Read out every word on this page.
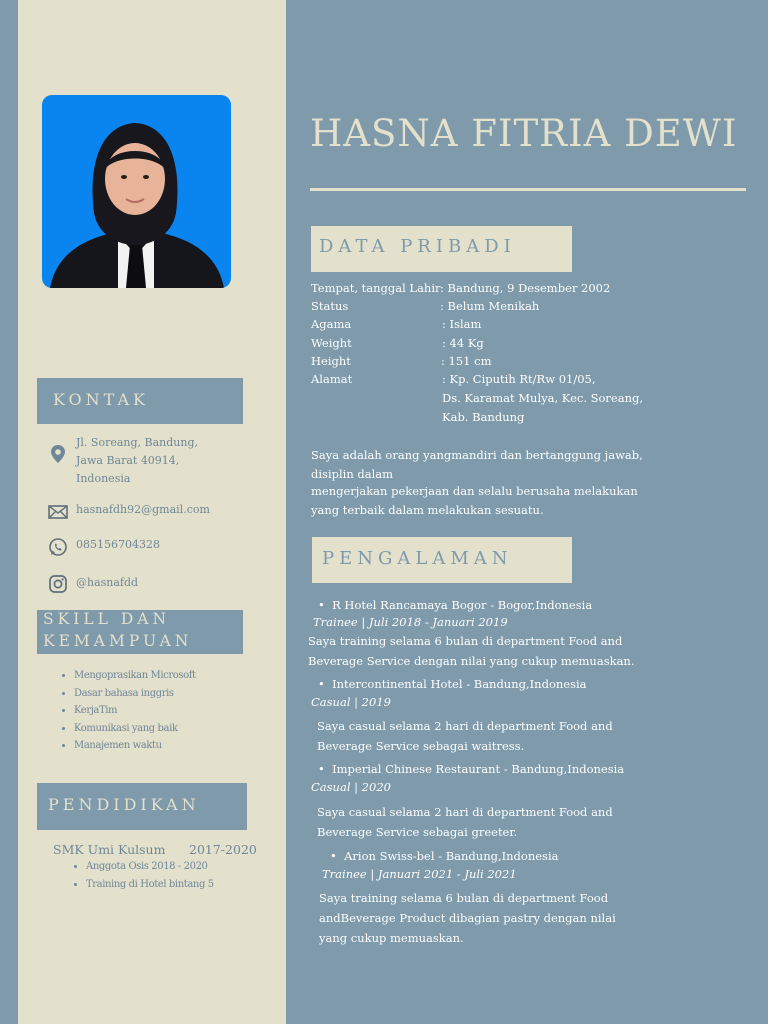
KONTAK
Jl. Soreang, Bandung,
Jawa Barat 40914,
Indonesia
hasnafdh92@gmail.com
085156704328
@hasnafdd
SKILL DAN
KEMAMPUAN
• Mengoprasikan Microsoft
• Dasar bahasa inggris
• KerjaTim
• Komunikasi yang baik
• Manajemen waktu
PENDIDIKAN
SMK Umi Kulsum 2017-2020
• Anggota Osis 2018 - 2020
• Training di Hotel bintang 5
HASNA FITRIA DEWI
DATA PRIBADI
Tempat, tanggal Lahir : Bandung, 9 Desember 2002
Status	: Belum Menikah
Agama	: Islam
Weight	: 44 Kg
Height	: 151 cm
Alamat	: Kp. Ciputih Rt/Rw 01/05,
Ds. Karamat Mulya, Kec. Soreang,
Kab. Bandung
Saya adalah orang yangmandiri dan bertanggung jawab, disiplin dalam
mengerjakan pekerjaan dan selalu berusaha melakukan yang terbaik dalam melakukan sesuatu.
PENGALAMAN
•  R Hotel Rancamaya Bogor - Bogor,Indonesia
Trainee | Juli 2018 - Januari 2019
Saya training selama 6 bulan di department Food and Beverage Service dengan nilai yang cukup memuaskan.
•  Intercontinental Hotel - Bandung,Indonesia
Casual | 2019
Saya casual selama 2 hari di department Food and Beverage Service sebagai waitress.
•  Imperial Chinese Restaurant - Bandung,Indonesia
Casual | 2020
Saya casual selama 2 hari di department Food and Beverage Service sebagai greeter.
•  Arion Swiss-bel - Bandung,Indonesia
Trainee | Januari 2021 - Juli 2021
Saya training selama 6 bulan di department Food andBeverage Product dibagian pastry dengan nilai yang cukup memuaskan.
